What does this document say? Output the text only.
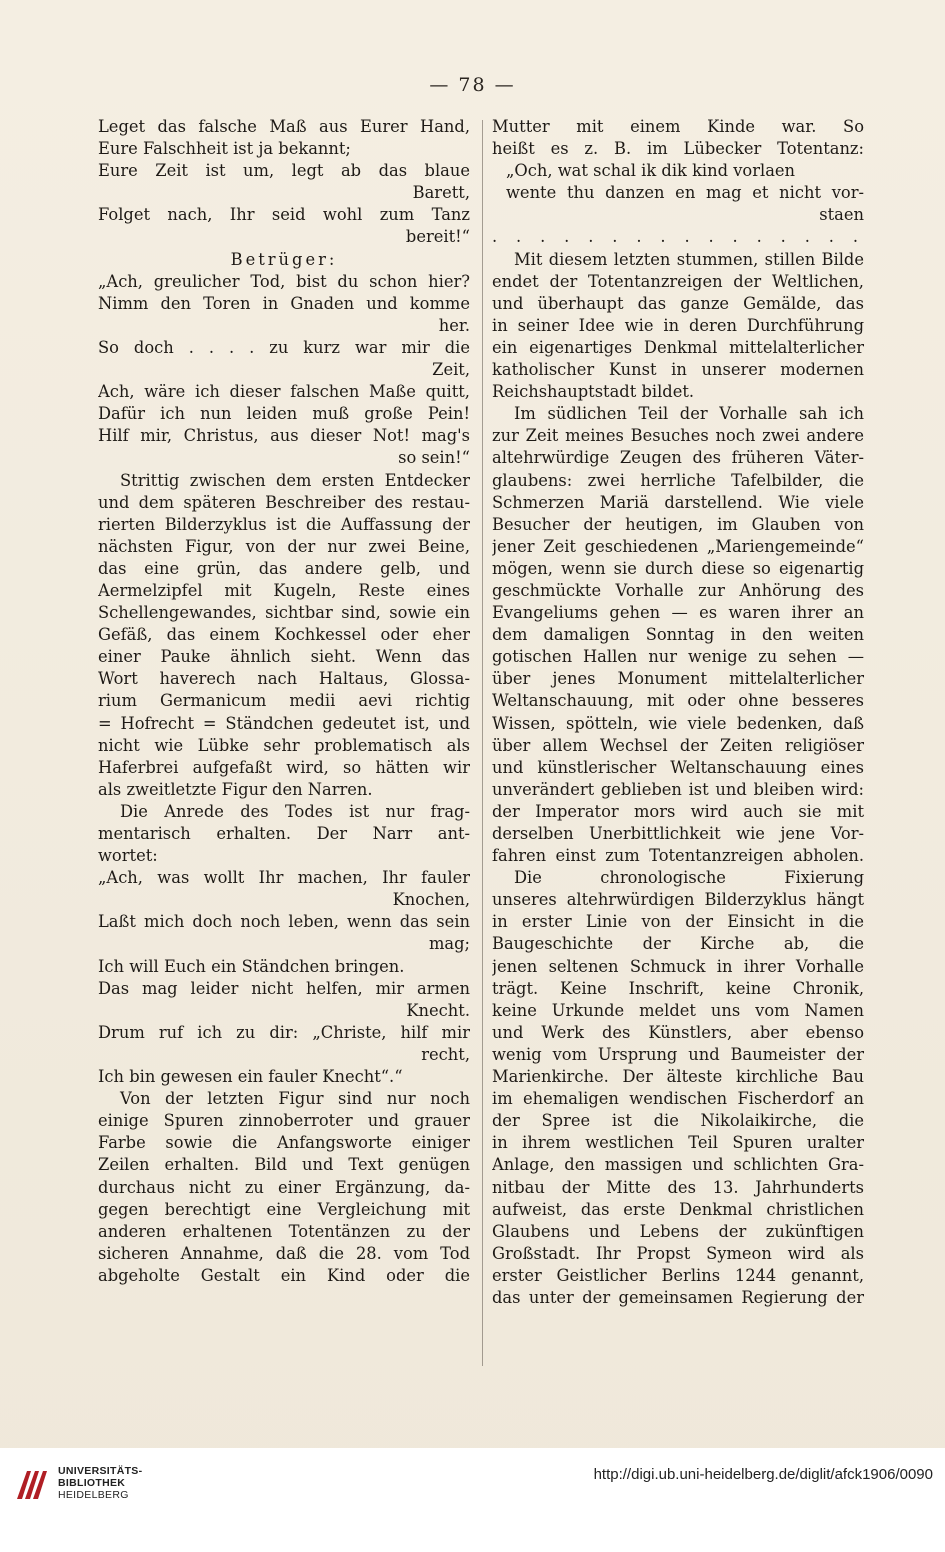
— 78 —
Leget das falsche Maß aus Eurer Hand,
Eure Falschheit ist ja bekannt;
Eure Zeit ist um, legt ab das blaue
Barett,
Folget nach, Ihr seid wohl zum Tanz
bereit!“
Betrüger:
„Ach, greulicher Tod, bist du schon hier?
Nimm den Toren in Gnaden und komme
her.
So doch . . . . zu kurz war mir die
Zeit,
Ach, wäre ich dieser falschen Maße quitt,
Dafür ich nun leiden muß große Pein!
Hilf mir, Christus, aus dieser Not! mag's
so sein!“
Strittig zwischen dem ersten Entdecker
und dem späteren Beschreiber des restau-
rierten Bilderzyklus ist die Auffassung der
nächsten Figur, von der nur zwei Beine,
das eine grün, das andere gelb, und
Aermelzipfel mit Kugeln, Reste eines
Schellengewandes, sichtbar sind, sowie ein
Gefäß, das einem Kochkessel oder eher
einer Pauke ähnlich sieht. Wenn das
Wort haverech nach Haltaus, Glossa-
rium Germanicum medii aevi richtig
= Hofrecht = Ständchen gedeutet ist, und
nicht wie Lübke sehr problematisch als
Haferbrei aufgefaßt wird, so hätten wir
als zweitletzte Figur den Narren.
Die Anrede des Todes ist nur frag-
mentarisch erhalten. Der Narr ant-
wortet:
„Ach, was wollt Ihr machen, Ihr fauler
Knochen,
Laßt mich doch noch leben, wenn das sein
mag;
Ich will Euch ein Ständchen bringen.
Das mag leider nicht helfen, mir armen
Knecht.
Drum ruf ich zu dir: „Christe, hilf mir
recht,
Ich bin gewesen ein fauler Knecht“.“
Von der letzten Figur sind nur noch
einige Spuren zinnoberroter und grauer
Farbe sowie die Anfangsworte einiger
Zeilen erhalten. Bild und Text genügen
durchaus nicht zu einer Ergänzung, da-
gegen berechtigt eine Vergleichung mit
anderen erhaltenen Totentänzen zu der
sicheren Annahme, daß die 28. vom Tod
abgeholte Gestalt ein Kind oder die
Mutter mit einem Kinde war. So
heißt es z. B. im Lübecker Totentanz:
„Och, wat schal ik dik kind vorlaen
wente thu danzen en mag et nicht vor-
staen
. . . . . . . . . . . . . . . .
Mit diesem letzten stummen, stillen Bilde
endet der Totentanzreigen der Weltlichen,
und überhaupt das ganze Gemälde, das
in seiner Idee wie in deren Durchführung
ein eigenartiges Denkmal mittelalterlicher
katholischer Kunst in unserer modernen
Reichshauptstadt bildet.
Im südlichen Teil der Vorhalle sah ich
zur Zeit meines Besuches noch zwei andere
altehrwürdige Zeugen des früheren Väter-
glaubens: zwei herrliche Tafelbilder, die
Schmerzen Mariä darstellend. Wie viele
Besucher der heutigen, im Glauben von
jener Zeit geschiedenen „Mariengemeinde“
mögen, wenn sie durch diese so eigenartig
geschmückte Vorhalle zur Anhörung des
Evangeliums gehen — es waren ihrer an
dem damaligen Sonntag in den weiten
gotischen Hallen nur wenige zu sehen —
über jenes Monument mittelalterlicher
Weltanschauung, mit oder ohne besseres
Wissen, spötteln, wie viele bedenken, daß
über allem Wechsel der Zeiten religiöser
und künstlerischer Weltanschauung eines
unverändert geblieben ist und bleiben wird:
der Imperator mors wird auch sie mit
derselben Unerbittlichkeit wie jene Vor-
fahren einst zum Totentanzreigen abholen.
Die chronologische Fixierung
unseres altehrwürdigen Bilderzyklus hängt
in erster Linie von der Einsicht in die
Baugeschichte der Kirche ab, die
jenen seltenen Schmuck in ihrer Vorhalle
trägt. Keine Inschrift, keine Chronik,
keine Urkunde meldet uns vom Namen
und Werk des Künstlers, aber ebenso
wenig vom Ursprung und Baumeister der
Marienkirche. Der älteste kirchliche Bau
im ehemaligen wendischen Fischerdorf an
der Spree ist die Nikolaikirche, die
in ihrem westlichen Teil Spuren uralter
Anlage, den massigen und schlichten Gra-
nitbau der Mitte des 13. Jahrhunderts
aufweist, das erste Denkmal christlichen
Glaubens und Lebens der zukünftigen
Großstadt. Ihr Propst Symeon wird als
erster Geistlicher Berlins 1244 genannt,
das unter der gemeinsamen Regierung der
UNIVERSITÄTS-
BIBLIOTHEK
HEIDELBERG
http://digi.ub.uni-heidelberg.de/diglit/afck1906/0090
